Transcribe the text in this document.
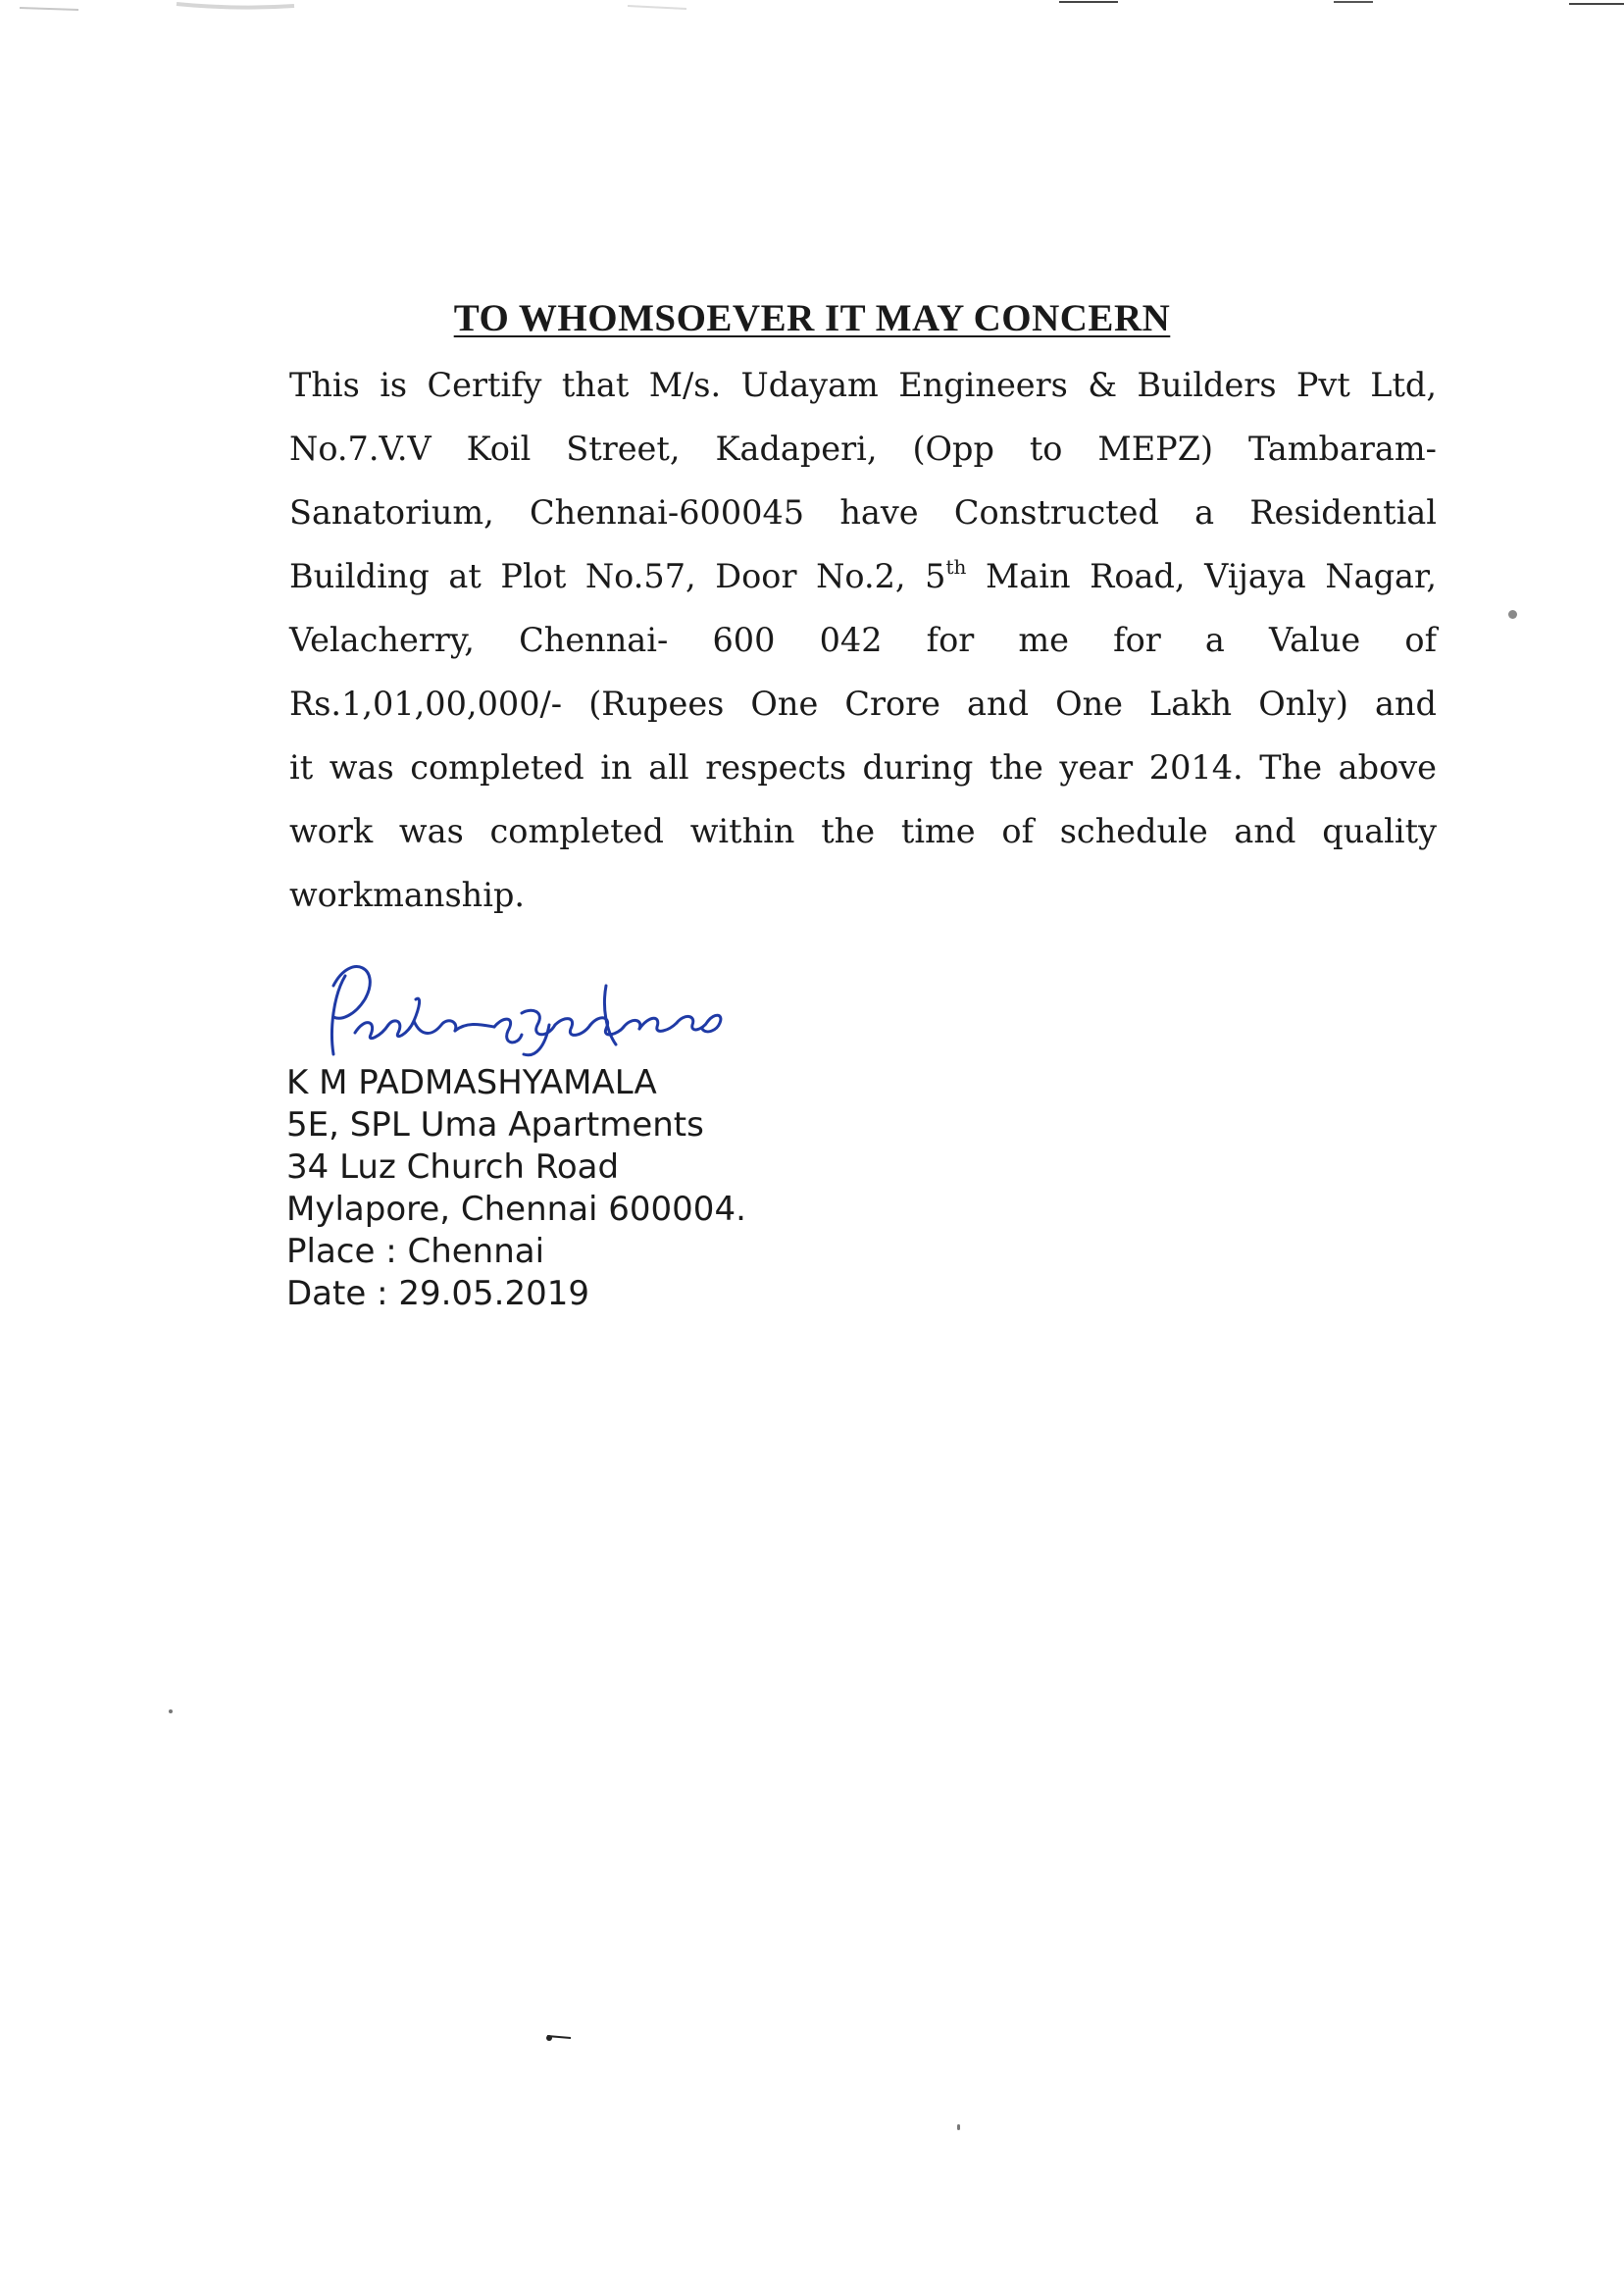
TO WHOMSOEVER IT MAY CONCERN
This is Certify that M/s. Udayam Engineers & Builders Pvt Ltd,
No.7.V.V Koil Street, Kadaperi, (Opp to MEPZ) Tambaram-
Sanatorium, Chennai-600045 have Constructed a Residential
Building at Plot No.57, Door No.2, 5th Main Road, Vijaya Nagar,
Velacherry, Chennai- 600 042 for me for a Value of
Rs.1,01,00,000/- (Rupees One Crore and One Lakh Only) and
it was completed in all respects during the year 2014. The above
work was completed within the time of schedule and quality
workmanship.
K M PADMASHYAMALA
5E, SPL Uma Apartments
34 Luz Church Road
Mylapore, Chennai 600004.
Place : Chennai
Date : 29.05.2019
